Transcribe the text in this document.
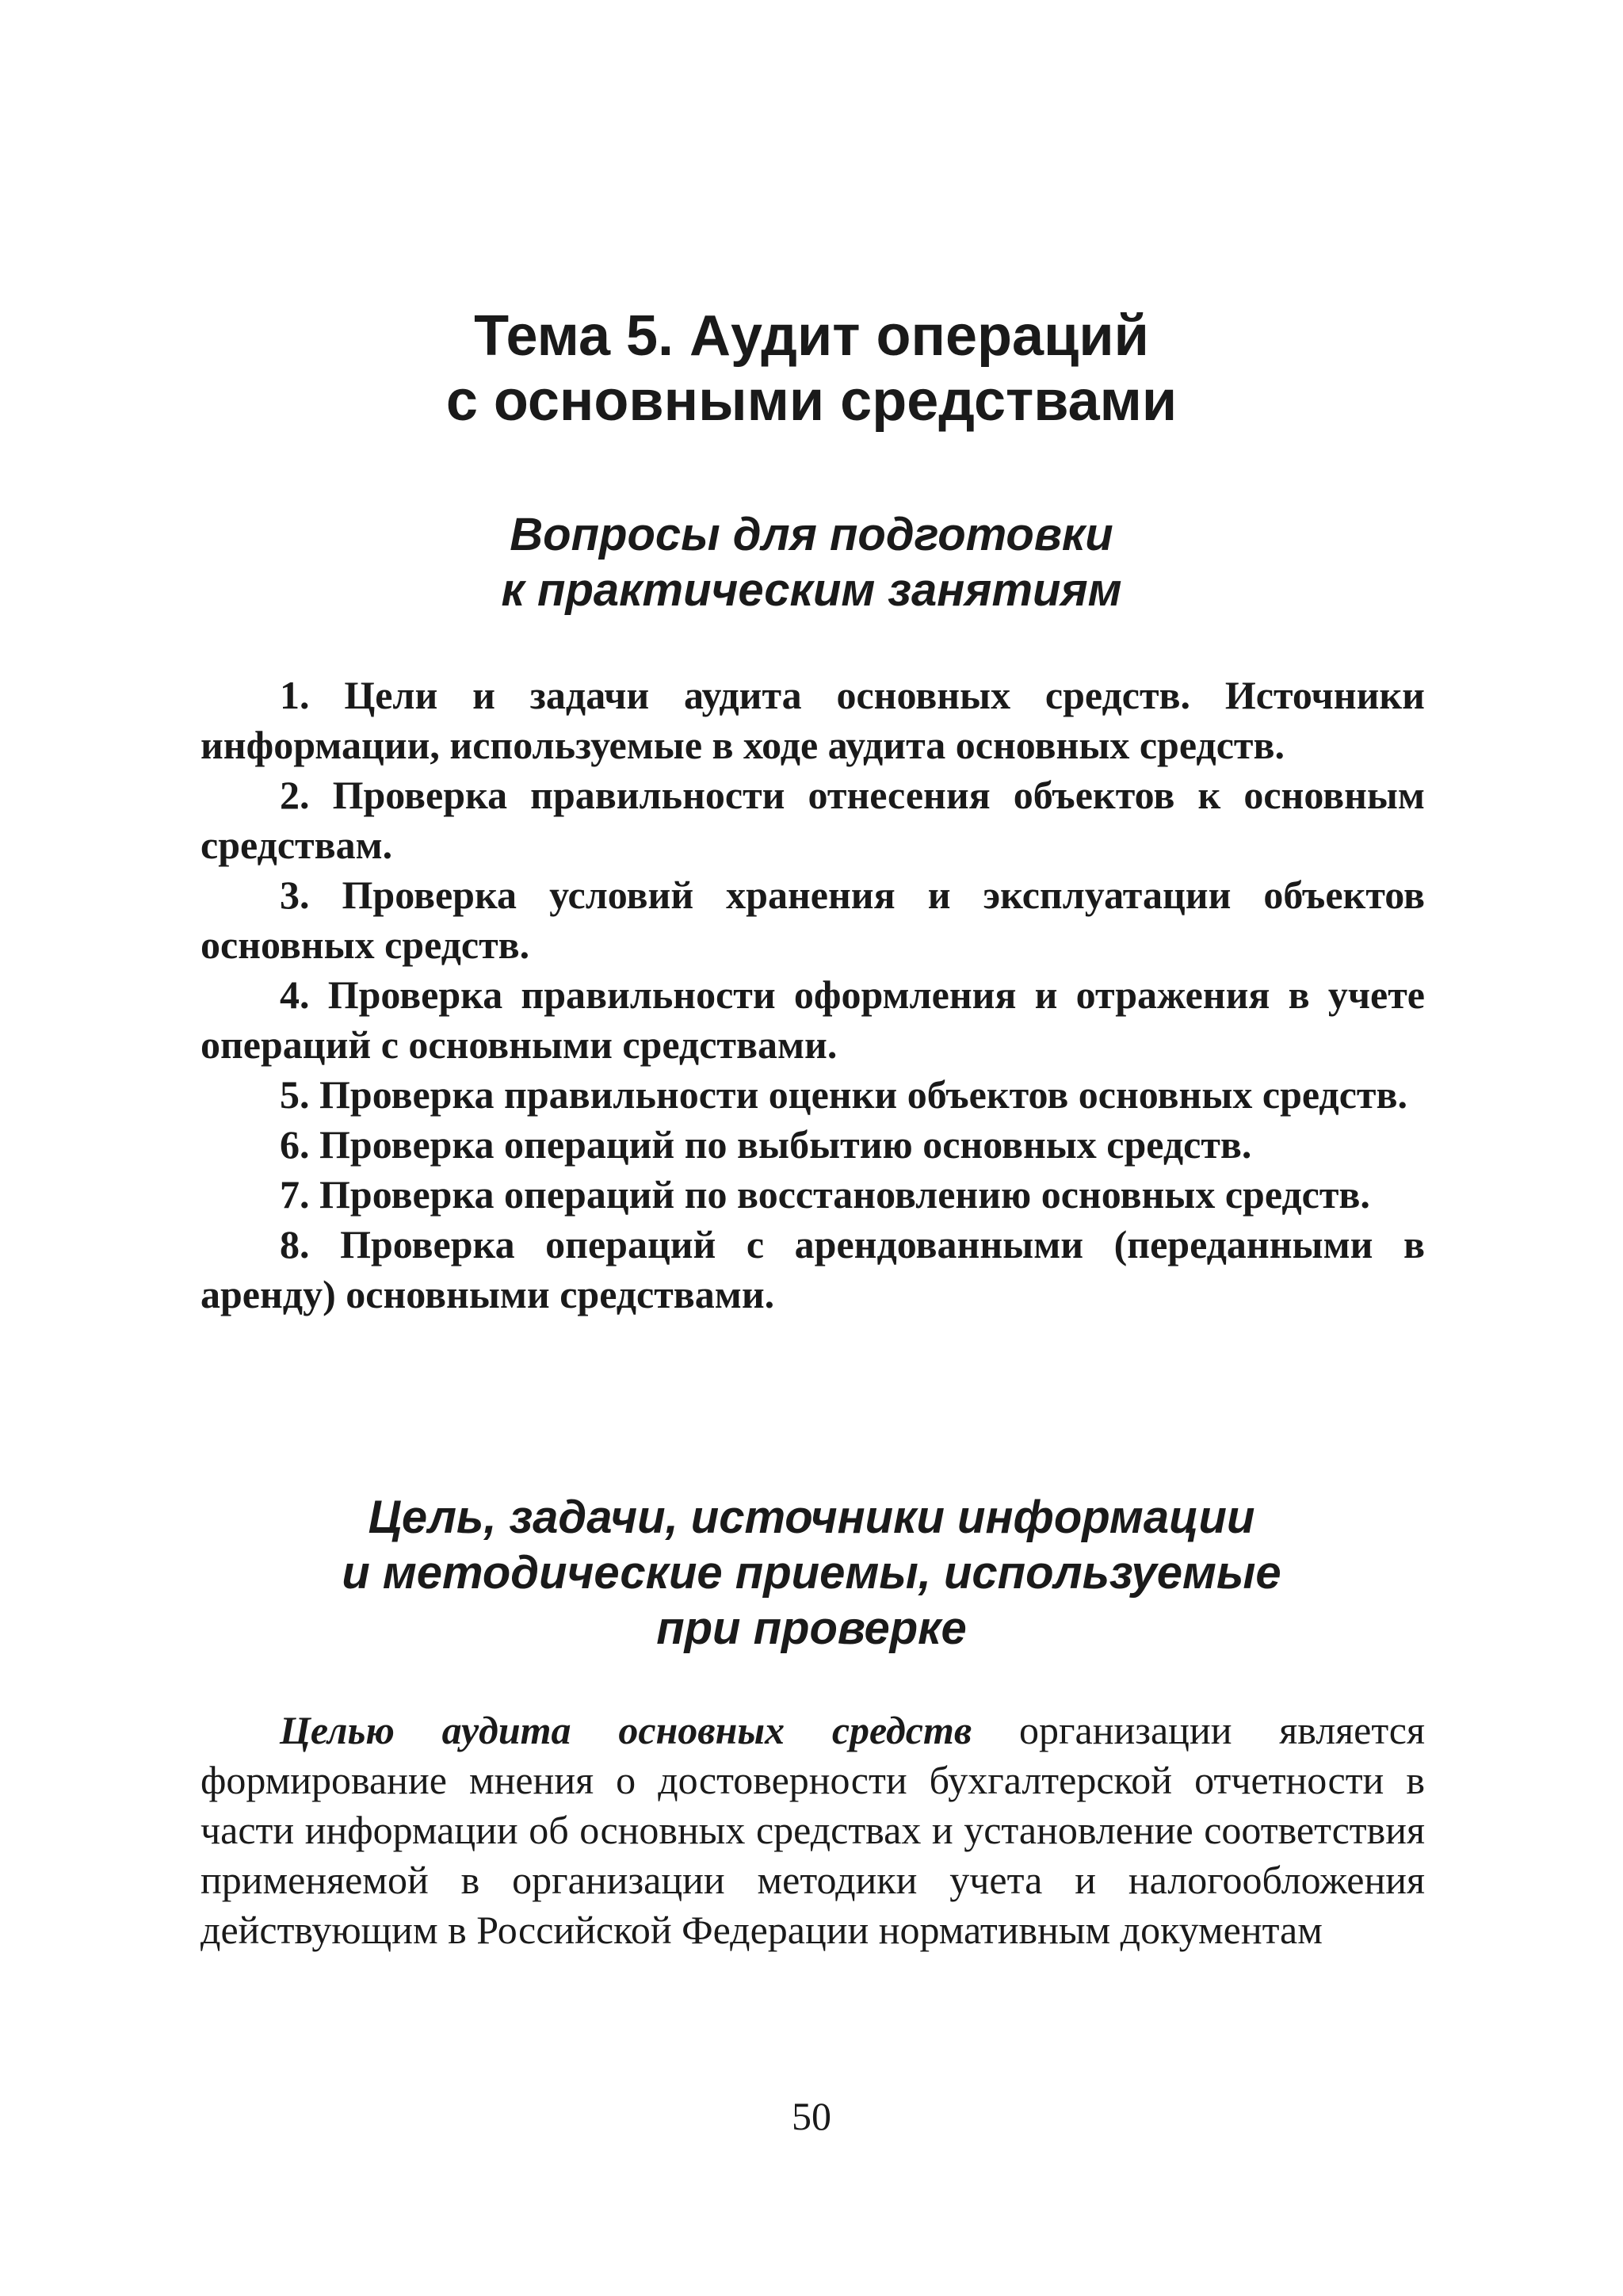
Тема 5. Аудит операций
с основными средствами
Вопросы для подготовки
к практическим занятиям
1. Цели и задачи аудита основных средств. Источники информации, используемые в ходе аудита основных средств.
2. Проверка правильности отнесения объектов к основным средствам.
3. Проверка условий хранения и эксплуатации объектов основных средств.
4. Проверка правильности оформления и отражения в учете операций с основными средствами.
5. Проверка правильности оценки объектов основных средств.
6. Проверка операций по выбытию основных средств.
7. Проверка операций по восстановлению основных средств.
8. Проверка операций с арендованными (переданными в аренду) основными средствами.
Цель, задачи, источники информации
и методические приемы, используемые
при проверке

Целью аудита основных средств организации является формирование мнения о достоверности бухгалтерской отчетности в части информации об основных средствах и установление соответствия применяемой в организации методики учета и налогообложения действующим в Российской Федерации нормативным документам

50
